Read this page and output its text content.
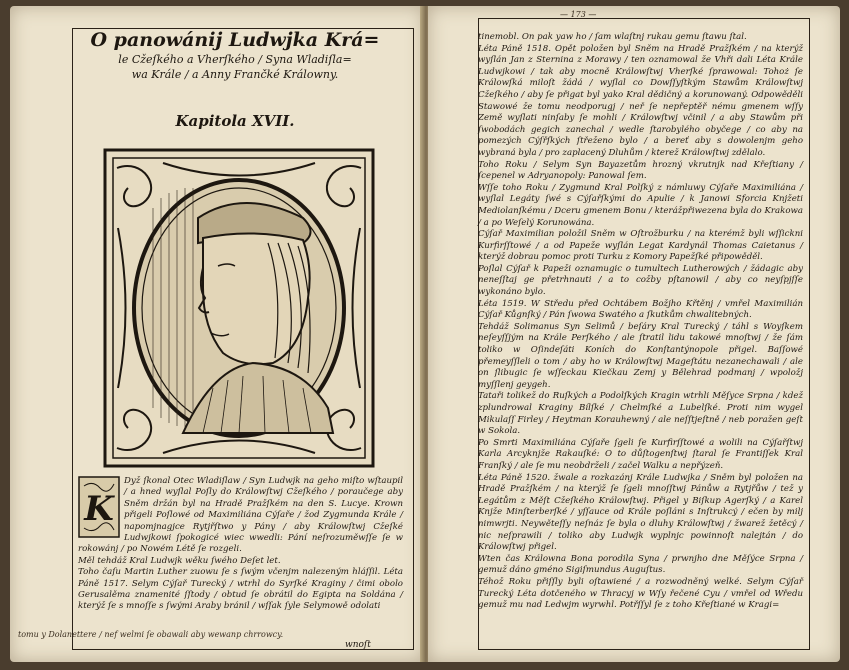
O panowánij Ludwjka Krá=
le Cžeſkého a Vherſkého / Syna Wladiſla=
wa Krále / a Anny Frančké Králowny.
Kapitola XVII.
K

Dyž ſkonal Otec Wladiſlaw / Syn Ludwjk na geho miſto wſtaupil / a hned wyſlal Poſly do Králowſtwj Cžeſkého / poraučege aby Sněm držán byl na Hradě Pražſkém na den S. Lucye. Krown přigeli Poſlowé od Maximiliána Cýſaře / žod Zygmunda Krále / napomjnagjce Rytjřſtwo y Pány / aby Králowſtwj Cžeſké Ludwjkowi ſpokogicé wiec wwedli: Pání neſrozuměwſſe ſe w rokowánj / po Nowém Létě ſe rozgeli.

Měl tehdáž Kral Ludwjk wěku ſwého Deſet let.

Toho čaſu Martin Luther zuowu ſe s ſwým včenjm nalezeným hláſſil. Léta Páně 1517. Selym Cýſař Turecký / wtrhl do Syrſké Kraginy / čimi obolo Gerusalěma znamenité ſſtody / obtud ſe obrátil do Egipta na Soldána / kterýž ſe s mnoſſe s ſwými Araby bránil / wſſak ſyle Selymowě odolati

tomu y Dolanettere / nef welmi ſe obawali aby wewanp chrrowcy.
wnoſt
— 173 —

tinemobl. On pak yaw ho / ſam wlaſtnj rukau gemu ſtawu ſtal.

Léta Páně 1518. Opět položen byl Sněm na Hradě Pražſkém / na kterýž wyſlán Jan z Sternina z Morawy / ten oznamowal že Vhři dali Léta Krále Ludwjkowi / tak aby mocně Králowſtwj Vherſké ſprawowal: Tohoż ſe Králowſká miloſt žádá / wyſlal co Dowſſyſtkým Stawům Králowſtwj Cžeſkého / aby ſe přigat byl yako Kral dědičný a korunowaný. Odpowěděli Stawowé že tomu neodporugj / neř ſe nepřeptěř nému gmenem wſſy Země wyſlati ninſaby ſe mohli / Králowſtwj včinil / a aby Stawům při ſwobodách gegich zanechal / wedle ſtarobylého obyčege / co aby na pomezých Cýſřſkých ſtřeženo bylo / a bereť aby s dowolenjm geho wybraná byla / pro zaplacený Dluhům / kterež Králowſtwj zdělalo.

Toho Roku / Selym Syn Bayazetům hrozný vkrutnjk nad Křeſtiany / ſcepenel w Adryanopoly: Panowal ſem.

Wſſe toho Roku / Zygmund Kral Polſký z námluwy Cýſaře Maximiliána / wyſlal Legáty ſwé s Cýſařſkými do Apulie / k Janowi Sforcia Knjžeti Mediolanſkému / Dceru gmenem Bonu / kterážpřiwezena byla do Krakowa / a po Weſelý Korunowána.

Cýſař Maximilian položil Sněm w Oſtrožburku / na kterémž byli wſſickni Kurfirſſtowé / a od Papeže wyſlán Legat Kardynál Thomas Caietanus / kterýž dobrau pomoc proti Turku z Komory Papežſké připowěděl.

Poſlal Cýſař k Papeži oznamugic o tumultech Lutherowých / žádagic aby neneſſtaj ge přetrhnauti / a to cožby pſtanowil / aby co neyſpjſſe wykonáno bylo.

Léta 1519. W Středu před Ochtábem Božjho Křtěnj / vmřel Maximilián Cýſař Kůgnſký / Pán ſwowa Swatého a ſkutkům chwalitebných.

Tehdáž Solimanus Syn Selimů / beſáry Kral Turecký / táhl s Woyſkem neſeyſſjým na Krále Perſkého / ale ſtratil lidu takowé mnoſtwj / že ſám toliko w Oſindeſáti Koních do Konſtantýnopole přigel. Baſſowé přemeyſſleli o tom / aby ho w Králowſtwj Mageſtátu nezanechawali / ale on ſlibugic ſe wſſeckau Kiečkau Zemj y Bělehrad podmanj / wpoložj myſſlenj geygeh.

Tataři tolikež do Ruſkých a Podolſkých Kragin wtrhli Měſyce Srpna / kdež zplundrowal Kraginy Bílſké / Chelmſké a Lubelſké. Proti nim wygel Mikulaſſ Firley / Heytman Korauhewný / ale neſſtjeſtně / neb poražen geſt w Sokola.

Po Smrti Maximiliána Cýſaře ſgeli ſe Kurfirſſtowé a wolili na Cýſařſtwj Karla Arcyknjže Rakauſké: O to důſtogenſtwj ſtaral ſe Frantiſſek Kral Franſký / ale ſe mu neobdrželi / začel Walku a nepřýzeň.

Léta Páně 1520. žwale a rozkazánj Krále Ludwjka / Sněm byl položen na Hradě Pražſkém / na kterýž ſe ſgeli mnoſſtwj Pánůw a Rytjřůw / tež y Legátům z Měſt Cžeſkého Králowſtwj. Přigel y Biſkup Agerſký / a Karel Knjže Minſterberſké / yſſauce od Krále poſláni s Inſtrukcý / ečen by milj nimwrjti. Neywěteſſy neſnáz ſe byla o dluhy Králowſtwj / žwarež žetěcý / nic neſprawili / toliko aby Ludwjk wyplnjc powinnoſt nalejtán / do Králowſtwj přigel.

Wten čas Králowna Bona porodila Syna / prwnjho dne Měſýce Srpna / gemuž dáno gméno Sigiſmundus Auguſtus.

Téhož Roku přiſſly byli oſtawiené / a rozwodněný welké. Selym Cýſař Turecký Léta dotčeného w Thracyj w Wſy řečené Cyu / vmřel od Wředu gemuž mu nad Ledwjm wyrwhl. Potřſſyl ſe z toho Křeſtiané w Kragi=
